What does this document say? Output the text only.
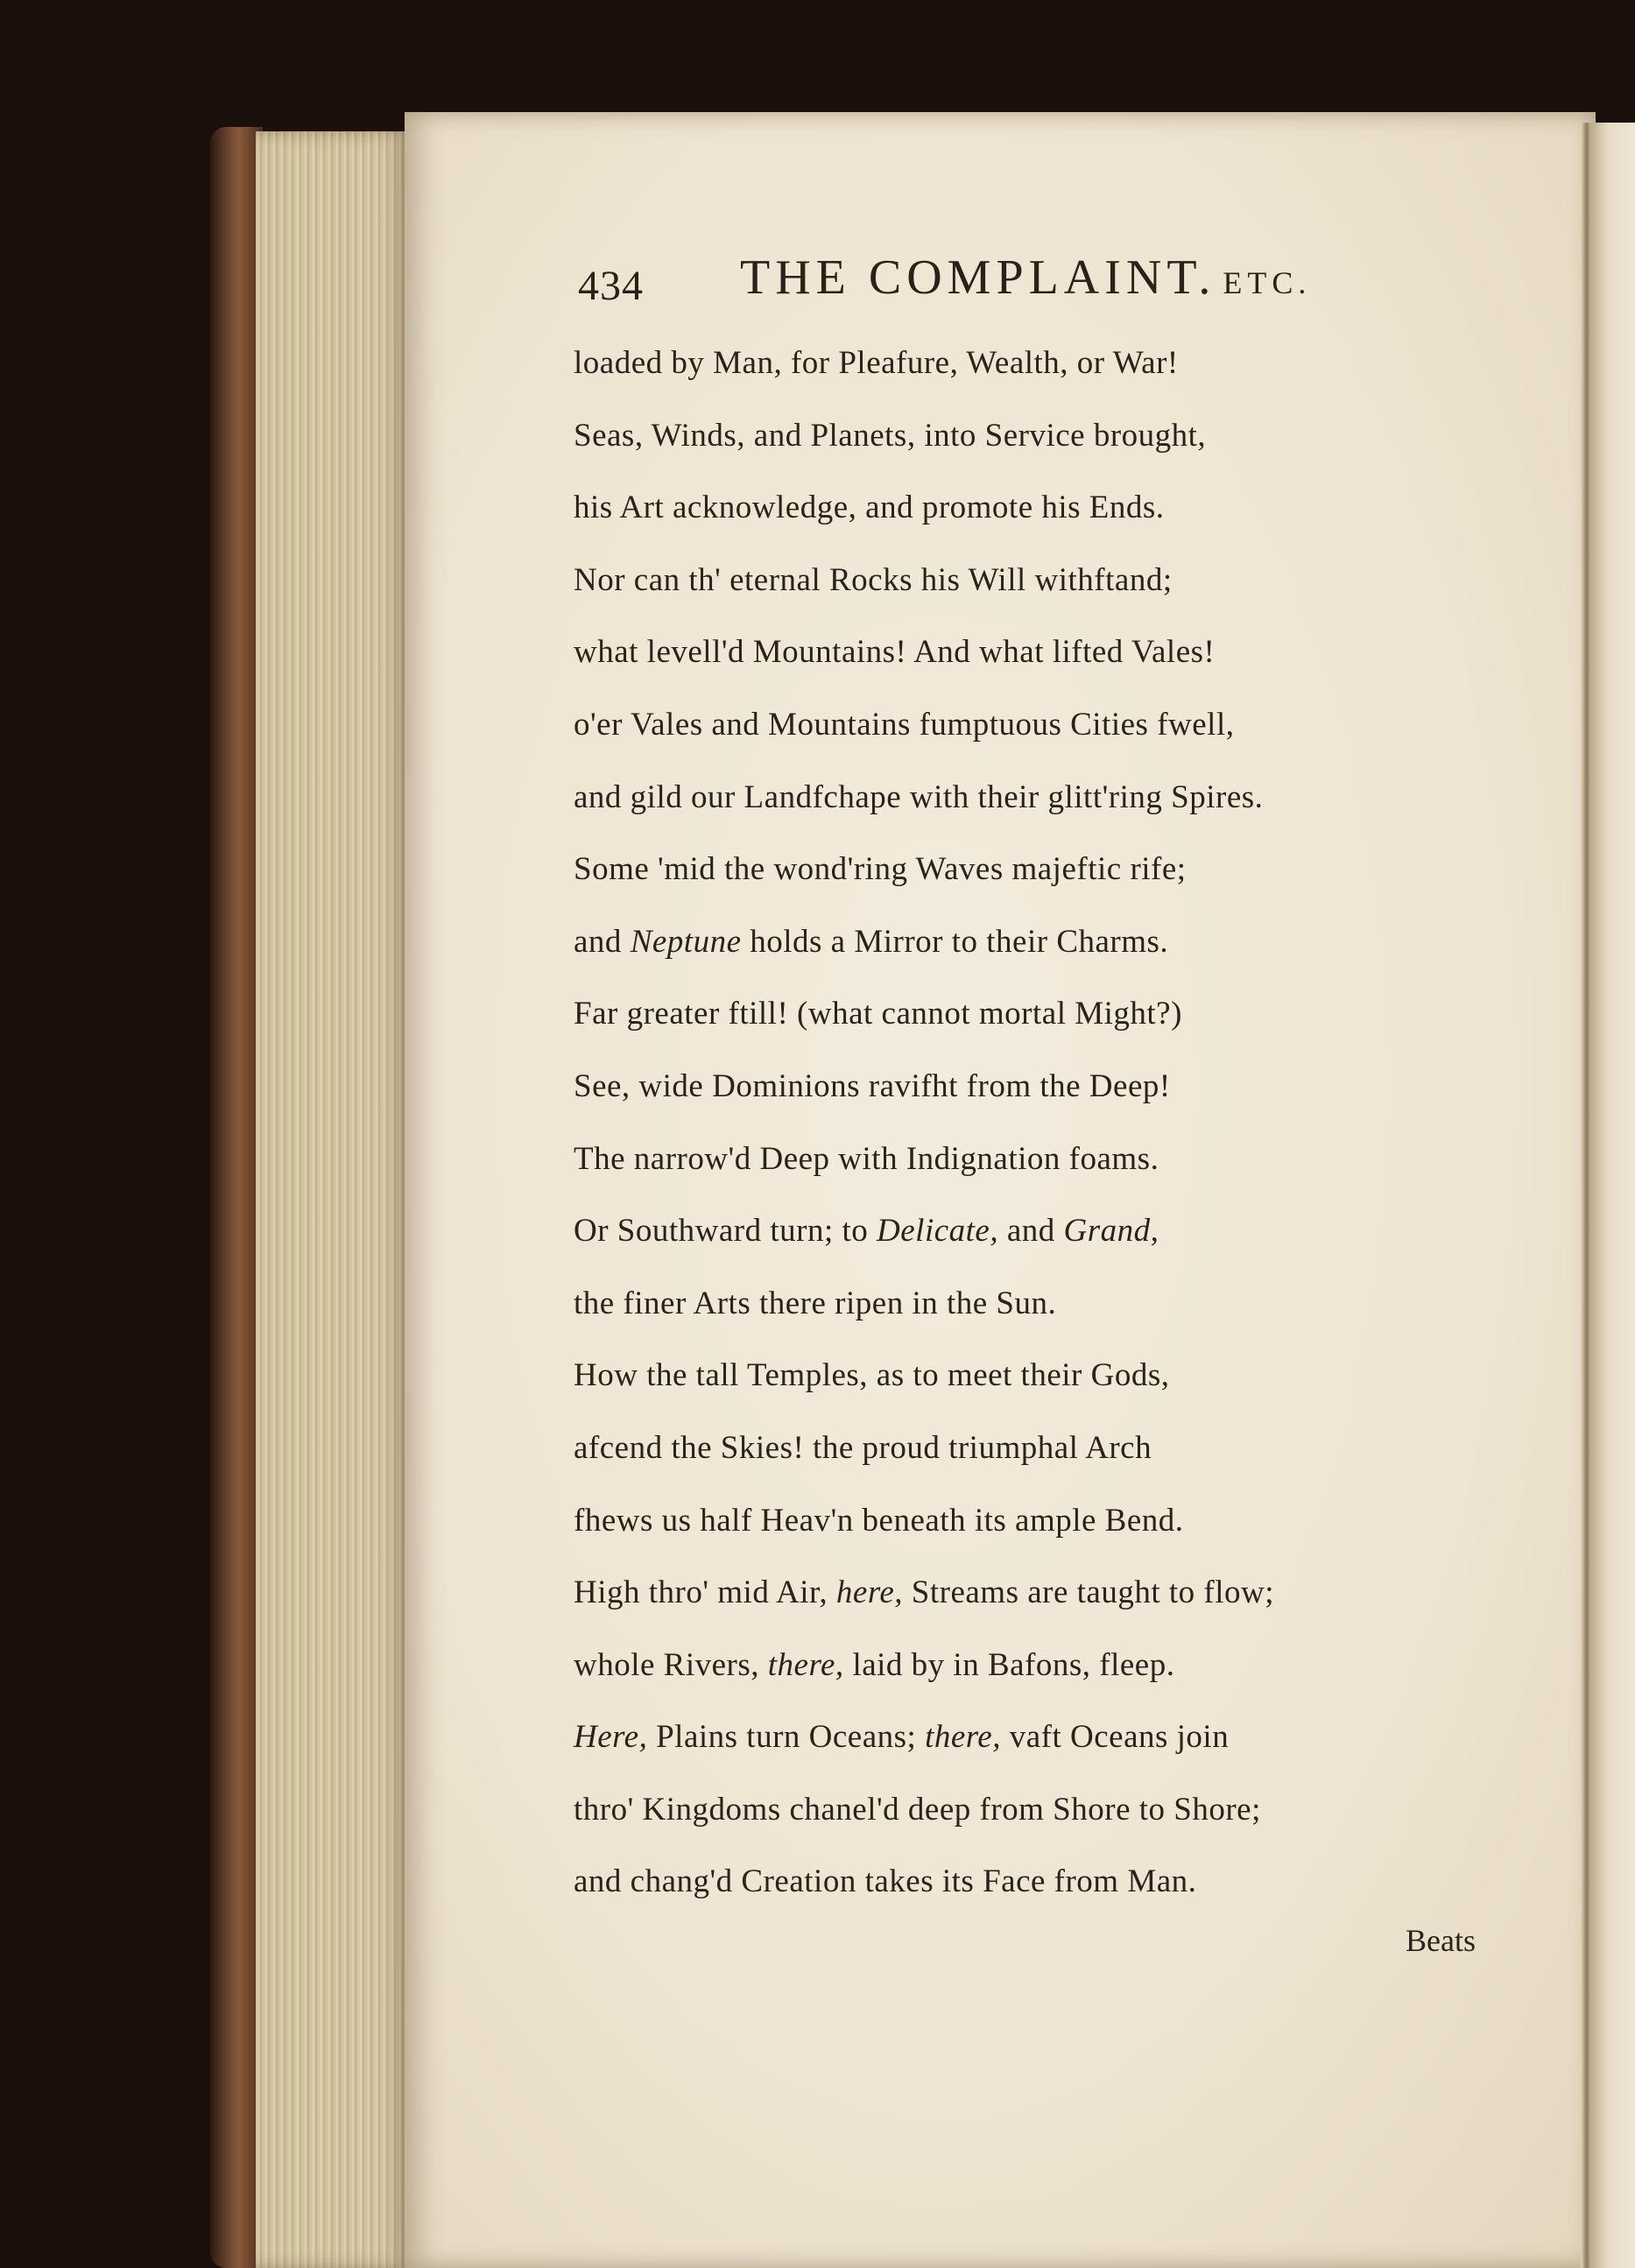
434 THE COMPLAINT. ETC.
loaded by Man, for Pleafure, Wealth, or War!
Seas, Winds, and Planets, into Service brought,
his Art acknowledge, and promote his Ends.
Nor can th' eternal Rocks his Will withftand;
what levell'd Mountains! And what lifted Vales!
o'er Vales and Mountains fumptuous Cities fwell,
and gild our Landfchape with their glitt'ring Spires.
Some 'mid the wond'ring Waves majeftic rife;
and Neptune holds a Mirror to their Charms.
Far greater ftill! (what cannot mortal Might?)
See, wide Dominions ravifht from the Deep!
The narrow'd Deep with Indignation foams.
Or Southward turn; to Delicate, and Grand,
the finer Arts there ripen in the Sun.
How the tall Temples, as to meet their Gods,
afcend the Skies! the proud triumphal Arch
fhews us half Heav'n beneath its ample Bend.
High thro' mid Air, here, Streams are taught to flow;
whole Rivers, there, laid by in Bafons, fleep.
Here, Plains turn Oceans; there, vaft Oceans join
thro' Kingdoms chanel'd deep from Shore to Shore;
and chang'd Creation takes its Face from Man.
Beats
